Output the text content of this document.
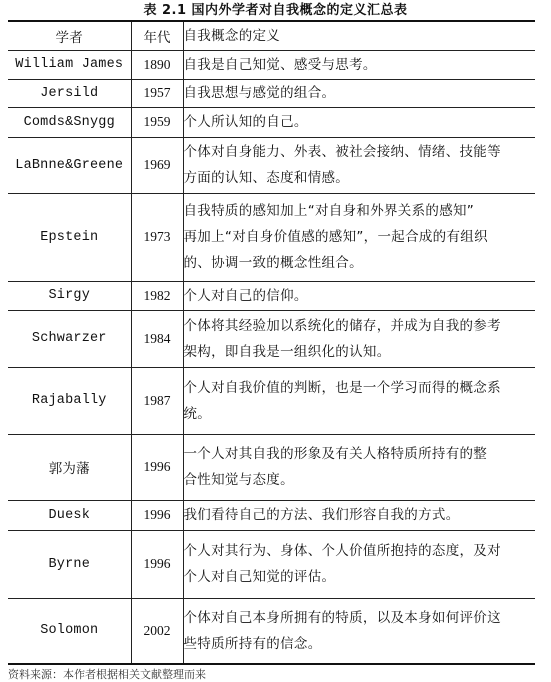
表 2.1 国内外学者对自我概念的定义汇总表
学者	年代	自我概念的定义
William James	1890	自我是自己知觉、感受与思考。

Jersild	1957	自我思想与感觉的组合。

Comds&Snygg	1959	个人所认知的自己。

LaBnne&Greene	1969	个体对自身能力、外表、被社会接纳、情绪、技能等
方面的认知、态度和情感。

Epstein	1973	自我特质的感知加上“对自身和外界关系的感知”
再加上“对自身价值感的感知”，一起合成的有组织
的、协调一致的概念性组合。

Sirgy	1982	个人对自己的信仰。

Schwarzer	1984	个体将其经验加以系统化的储存，并成为自我的参考
架构，即自我是一组织化的认知。

Rajabally	1987	个人对自我价值的判断，也是一个学习而得的概念系
统。

郭为藩	1996	一个人对其自我的形象及有关人格特质所持有的整
合性知觉与态度。

Duesk	1996	我们看待自己的方法、我们形容自我的方式。

Byrne	1996	个人对其行为、身体、个人价值所抱持的态度，及对
个人对自己知觉的评估。

Solomon	2002	个体对自己本身所拥有的特质，以及本身如何评价这
些特质所持有的信念。
资料来源：本作者根据相关文献整理而来
